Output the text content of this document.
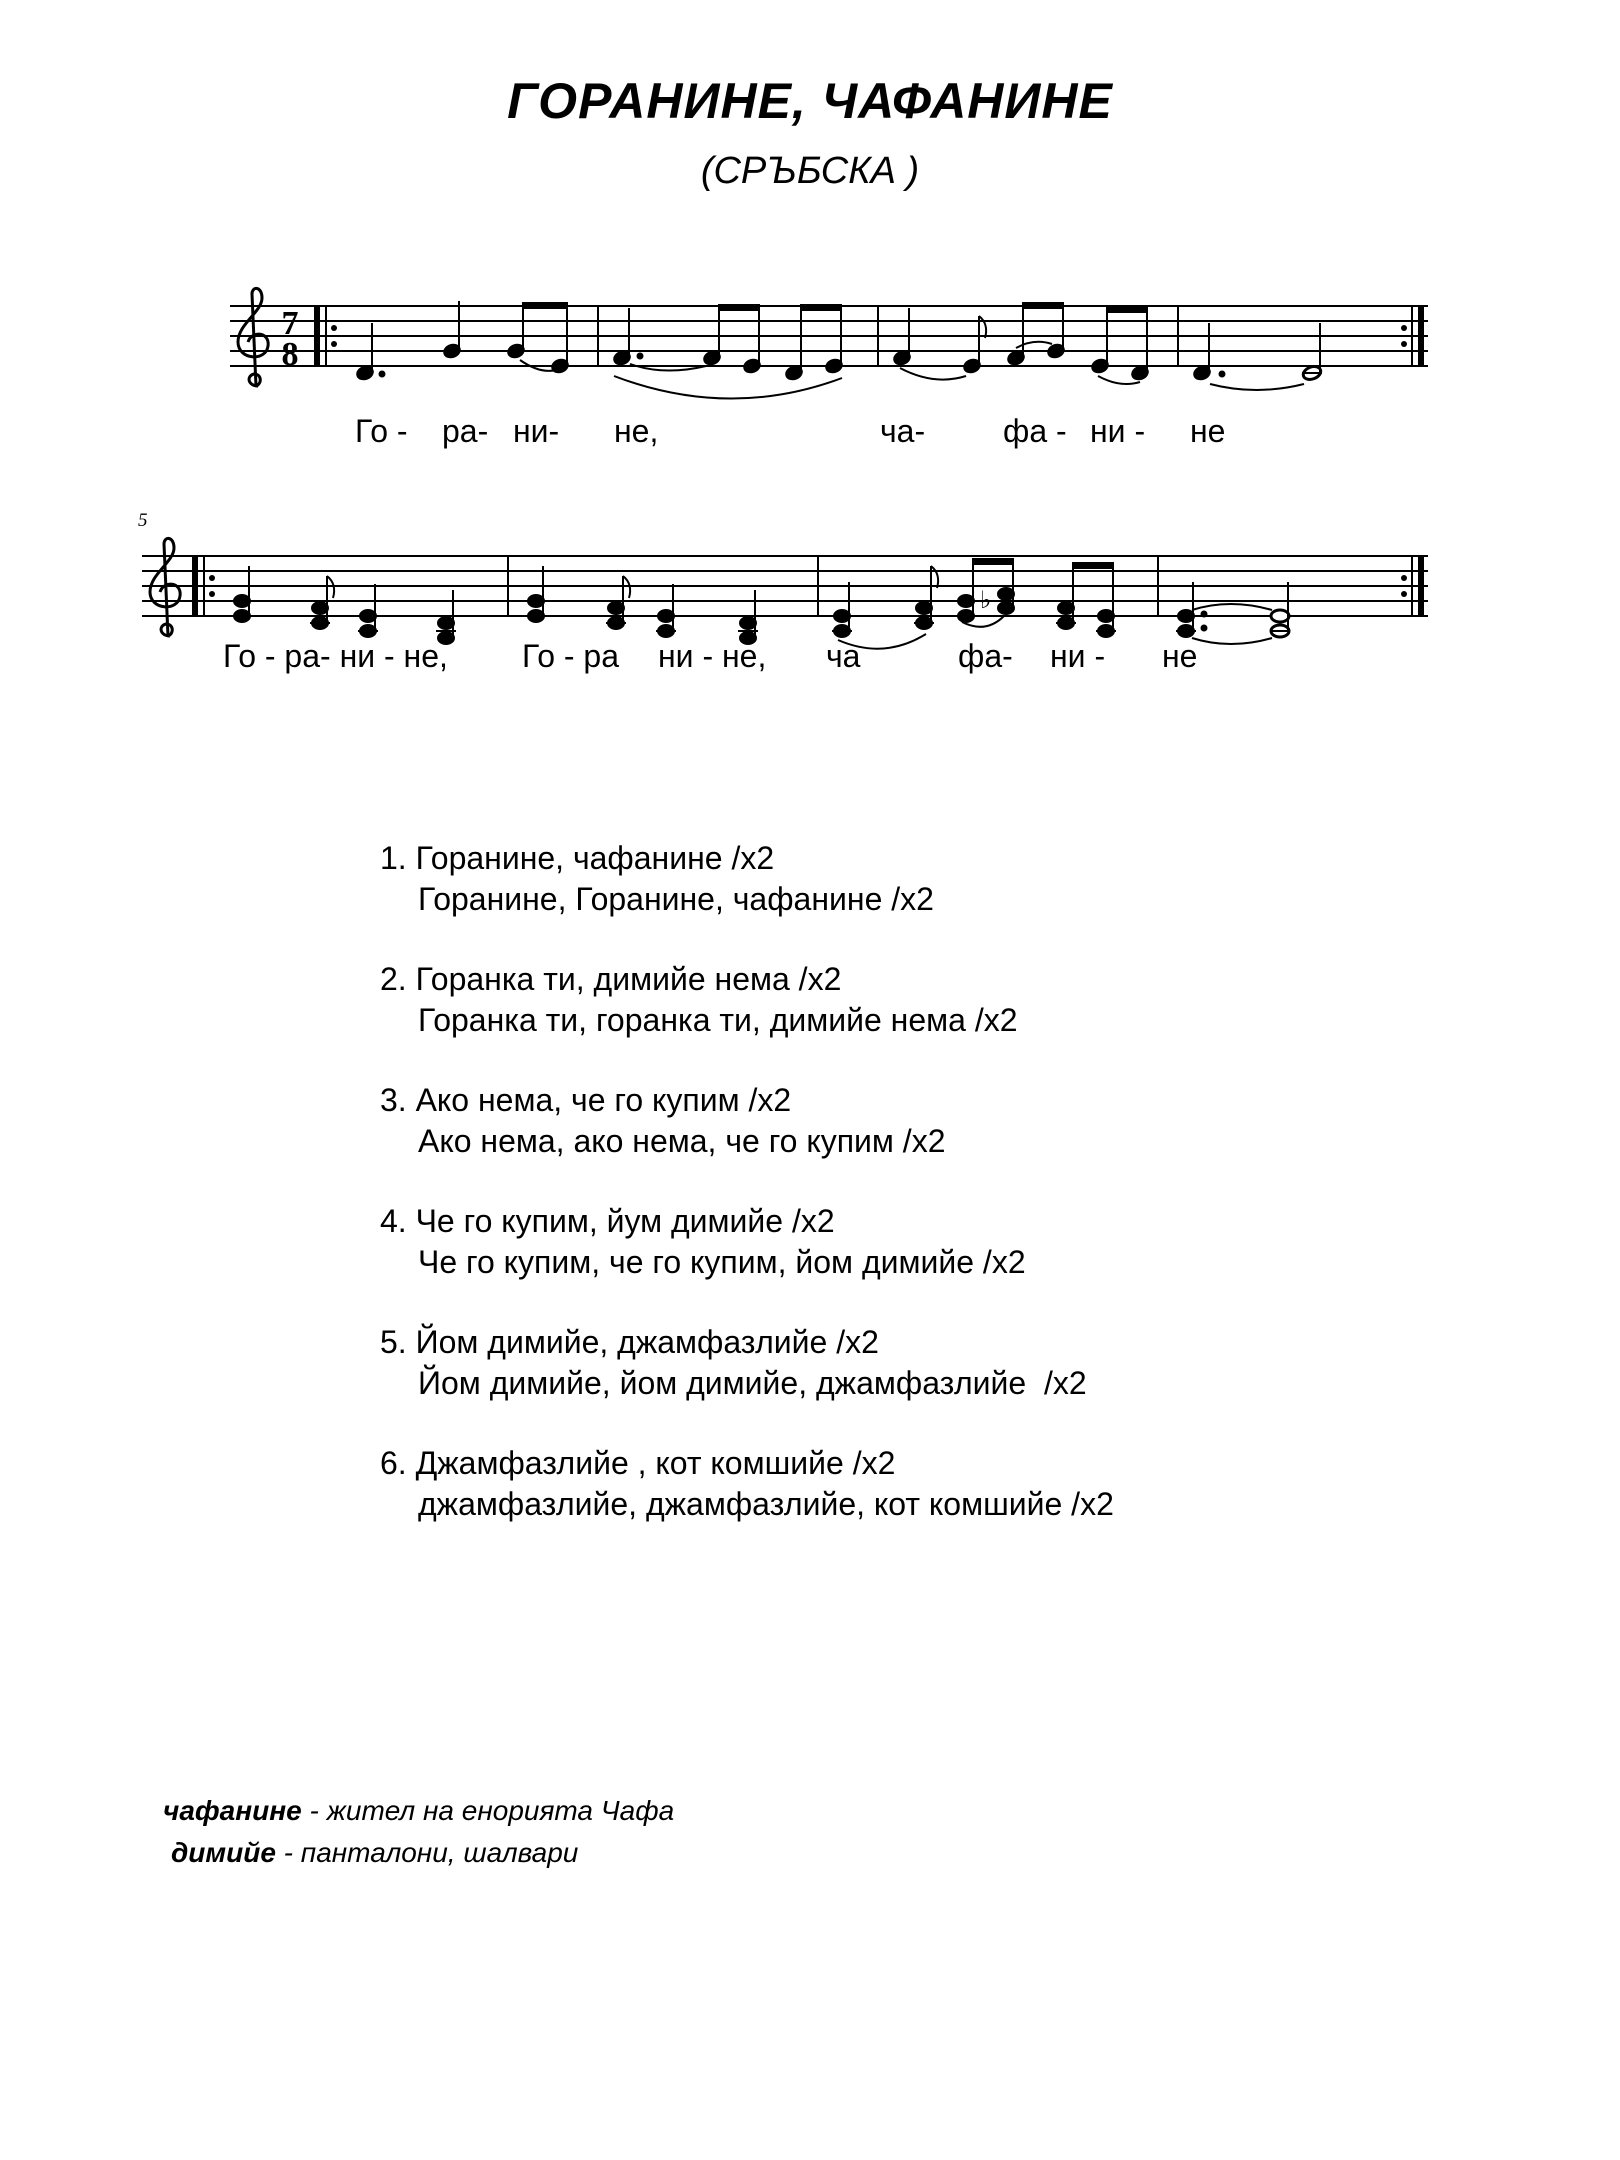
ГОРАНИНЕ, ЧАФАНИНЕ
(СРЪБСКА )
7
8
Го - ра- ни- не,	ча- фа - ни - не
5
♭
Го - ра- ни - не, Го - ра ни - не, ча	фа- ни - не
1. Горанине, чафанине /x2
Горанине, Горанине, чафанине /x2
2. Горанка ти, димийе нема /x2
Горанка ти, горанка ти, димийе нема /x2
3. Ако нема, че го купим /x2
Ако нема, ако нема, че го купим /x2
4. Че го купим, йум димийе /x2
Че го купим, че го купим, йом димийе /x2
5. Йом димийе, джамфазлийе /x2
Йом димийе, йом димийе, джамфазлийе  /x2
6. Джамфазлийе , кот комшийе /x2
джамфазлийе, джамфазлийе, кот комшийе /x2
чафанине - жител на енорията Чафа
димийе - панталони, шалвари
